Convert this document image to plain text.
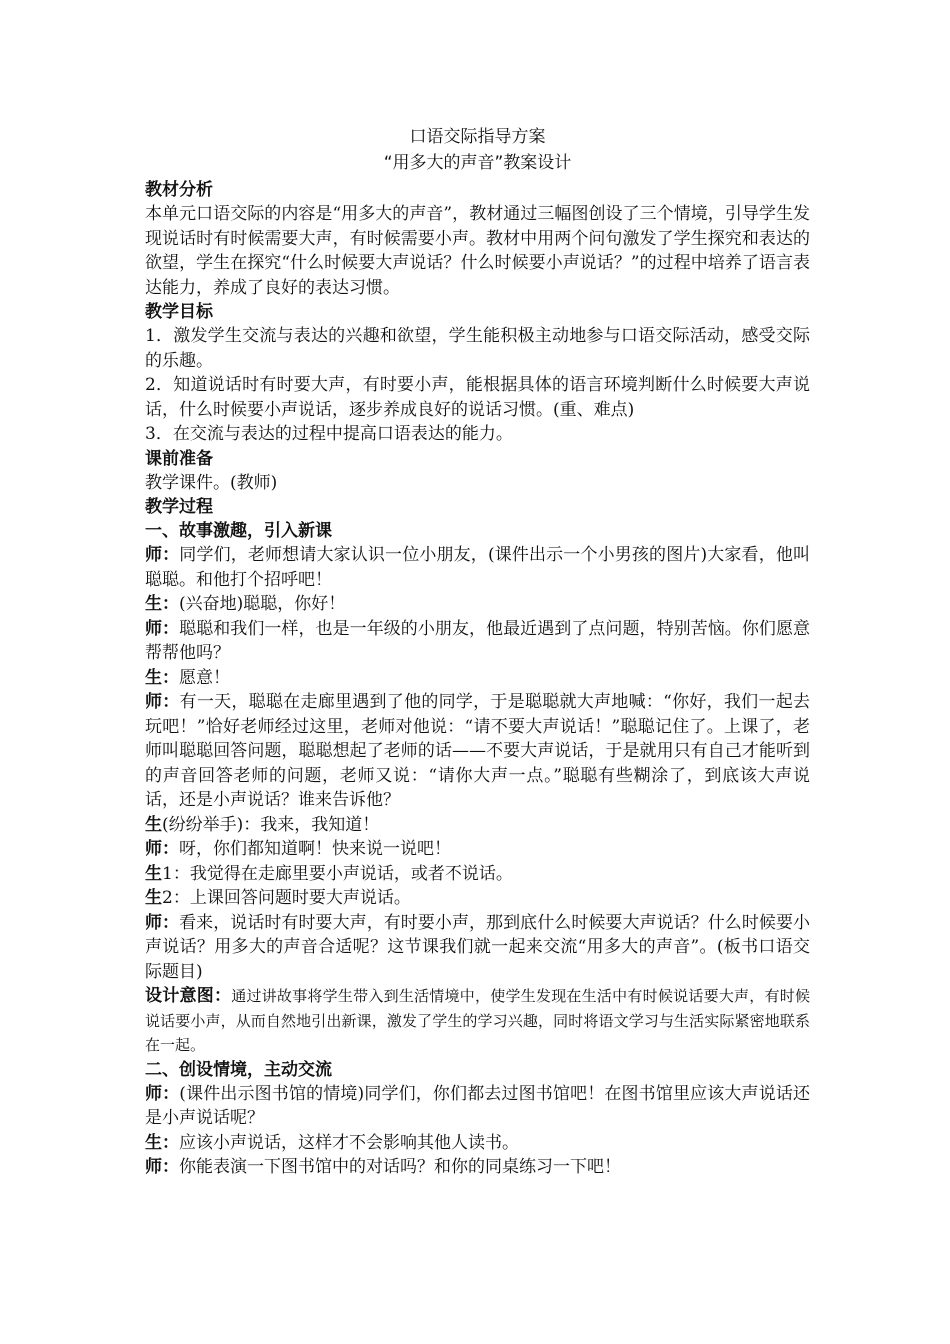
口语交际指导方案
“用多大的声音”教案设计
教材分析
本单元口语交际的内容是“用多大的声音”，教材通过三幅图创设了三个情境，引导学生发现说话时有时候需要大声，有时候需要小声。教材中用两个问句激发了学生探究和表达的欲望，学生在探究“什么时候要大声说话？什么时候要小声说话？”的过程中培养了语言表达能力，养成了良好的表达习惯。
教学目标
1．激发学生交流与表达的兴趣和欲望，学生能积极主动地参与口语交际活动，感受交际的乐趣。
2．知道说话时有时要大声，有时要小声，能根据具体的语言环境判断什么时候要大声说话，什么时候要小声说话，逐步养成良好的说话习惯。(重、难点)
3．在交流与表达的过程中提高口语表达的能力。
课前准备
教学课件。(教师)
教学过程
一、故事激趣，引入新课
师：同学们，老师想请大家认识一位小朋友，(课件出示一个小男孩的图片)大家看，他叫聪聪。和他打个招呼吧！
生：(兴奋地)聪聪，你好！
师：聪聪和我们一样，也是一年级的小朋友，他最近遇到了点问题，特别苦恼。你们愿意帮帮他吗？
生：愿意！
师：有一天，聪聪在走廊里遇到了他的同学，于是聪聪就大声地喊：“你好，我们一起去玩吧！”恰好老师经过这里，老师对他说：“请不要大声说话！”聪聪记住了。上课了，老师叫聪聪回答问题，聪聪想起了老师的话——不要大声说话，于是就用只有自己才能听到的声音回答老师的问题，老师又说：“请你大声一点。”聪聪有些糊涂了，到底该大声说话，还是小声说话？谁来告诉他？
生(纷纷举手)：我来，我知道！
师：呀，你们都知道啊！快来说一说吧！
生1：我觉得在走廊里要小声说话，或者不说话。
生2：上课回答问题时要大声说话。
师：看来，说话时有时要大声，有时要小声，那到底什么时候要大声说话？什么时候要小声说话？用多大的声音合适呢？这节课我们就一起来交流“用多大的声音”。(板书口语交际题目)
设计意图：通过讲故事将学生带入到生活情境中，使学生发现在生活中有时候说话要大声，有时候说话要小声，从而自然地引出新课，激发了学生的学习兴趣，同时将语文学习与生活实际紧密地联系在一起。
二、创设情境，主动交流
师：(课件出示图书馆的情境)同学们，你们都去过图书馆吧！在图书馆里应该大声说话还是小声说话呢？
生：应该小声说话，这样才不会影响其他人读书。
师：你能表演一下图书馆中的对话吗？和你的同桌练习一下吧！
